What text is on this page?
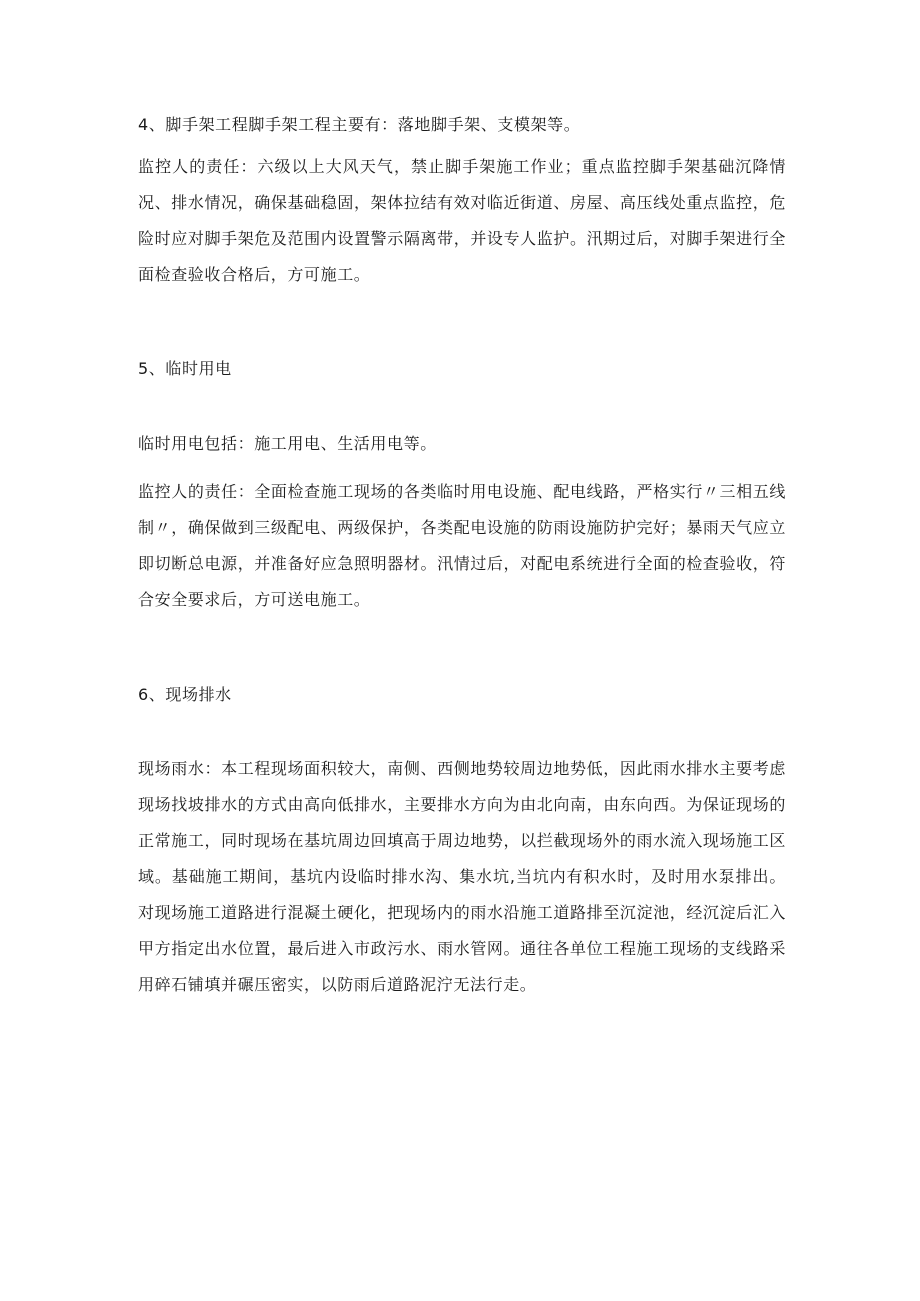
4、脚手架工程脚手架工程主要有：落地脚手架、支模架等。

监控人的责任：六级以上大风天气，禁止脚手架施工作业；重点监控脚手架基础沉降情况、排水情况，确保基础稳固，架体拉结有效对临近街道、房屋、高压线处重点监控，危险时应对脚手架危及范围内设置警示隔离带，并设专人监护。汛期过后，对脚手架进行全面检查验收合格后，方可施工。

5、临时用电

临时用电包括：施工用电、生活用电等。

监控人的责任：全面检查施工现场的各类临时用电设施、配电线路，严格实行〃三相五线制〃，确保做到三级配电、两级保护，各类配电设施的防雨设施防护完好；暴雨天气应立即切断总电源，并准备好应急照明器材。汛情过后，对配电系统进行全面的检查验收，符合安全要求后，方可送电施工。

6、现场排水

现场雨水：本工程现场面积较大，南侧、西侧地势较周边地势低，因此雨水排水主要考虑现场找坡排水的方式由高向低排水，主要排水方向为由北向南，由东向西。为保证现场的正常施工，同时现场在基坑周边回填高于周边地势，以拦截现场外的雨水流入现场施工区域。基础施工期间，基坑内设临时排水沟、集水坑,当坑内有积水时，及时用水泵排出。对现场施工道路进行混凝土硬化，把现场内的雨水沿施工道路排至沉淀池，经沉淀后汇入甲方指定出水位置，最后进入市政污水、雨水管网。通往各单位工程施工现场的支线路采用碎石铺填并碾压密实，以防雨后道路泥泞无法行走。
